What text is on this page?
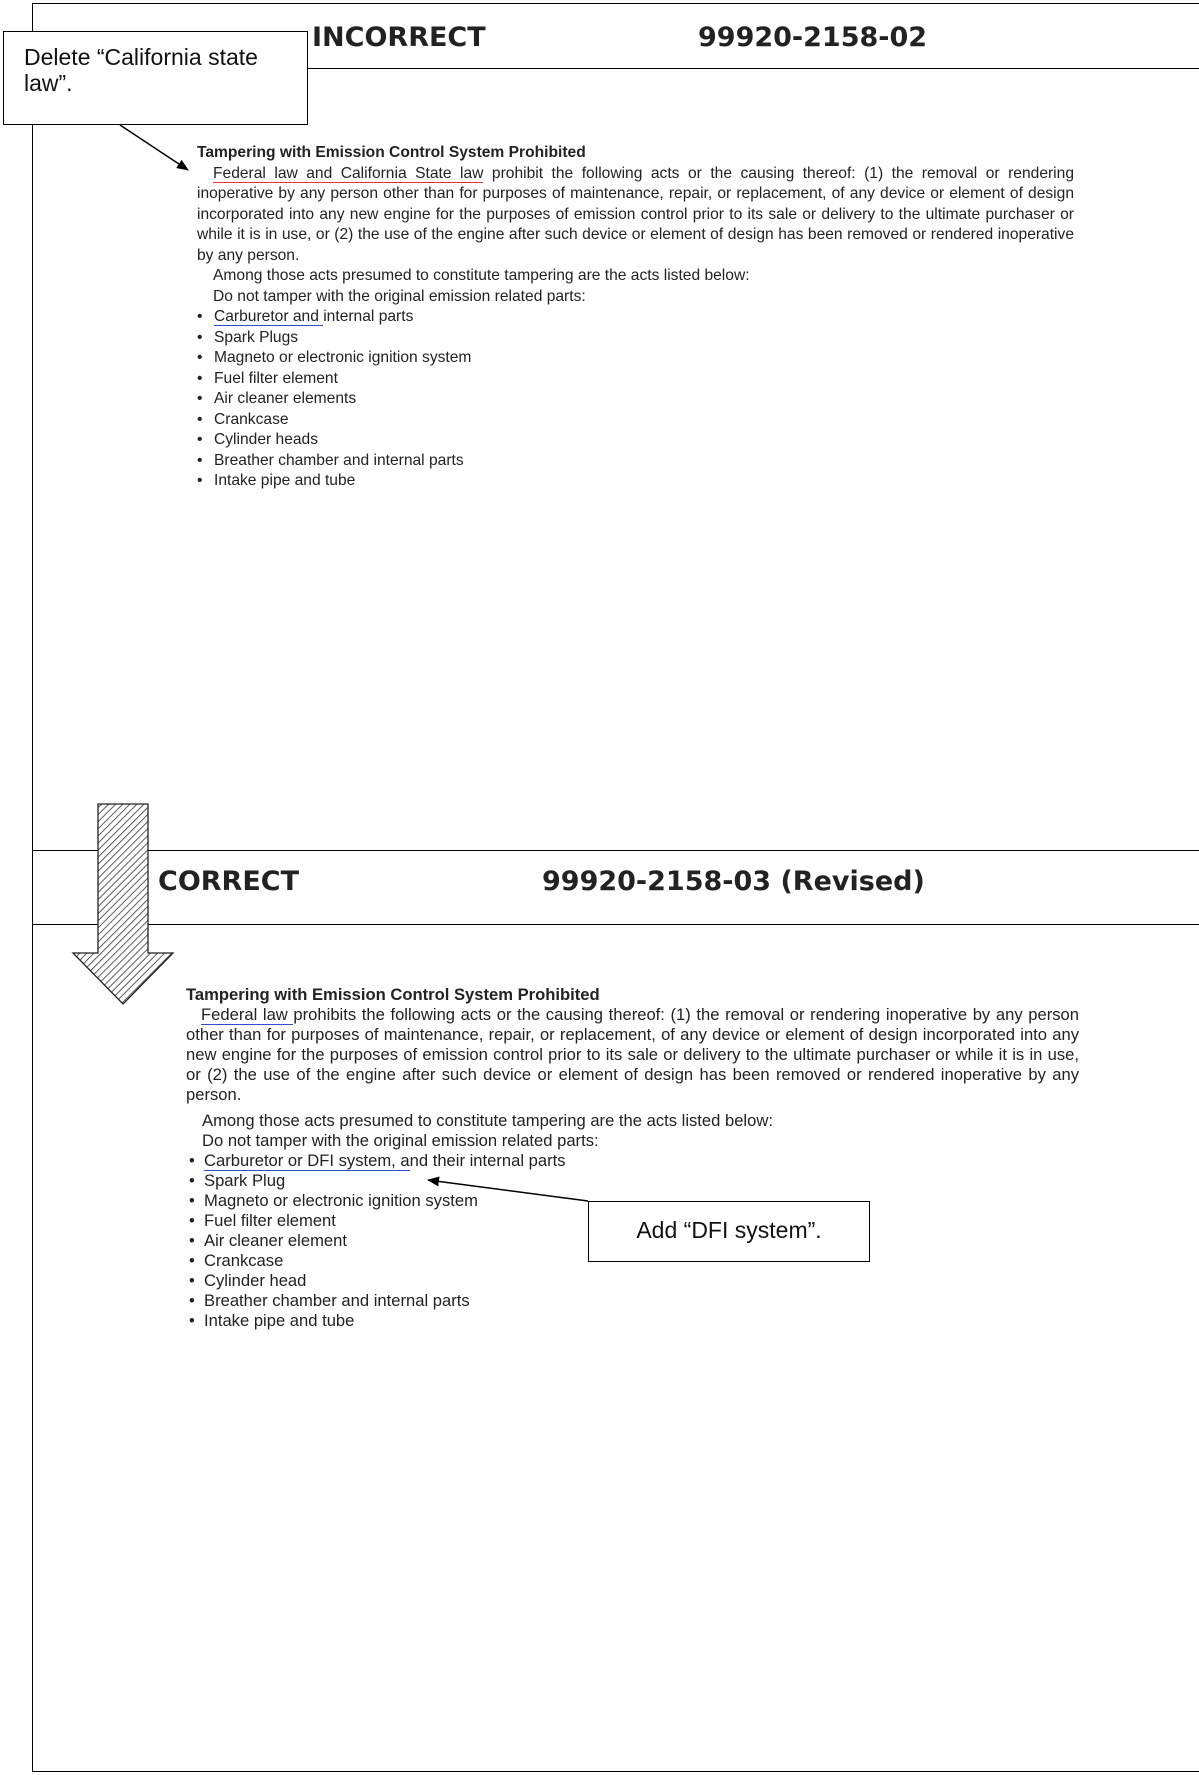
INCORRECT	99920-2158-02
Delete “California state law”.
Tampering with Emission Control System Prohibited

Federal law and California State law prohibit the following acts or the causing thereof: (1) the removal or rendering inoperative by any person other than for purposes of maintenance, repair, or replacement, of any device or element of design incorporated into any new engine for the purposes of emission control prior to its sale or delivery to the ultimate purchaser or while it is in use, or (2) the use of the engine after such device or element of design has been removed or rendered inoperative by any person.

Among those acts presumed to constitute tampering are the acts listed below:
Do not tamper with the original emission related parts:
• Carburetor and internal parts
• Spark Plugs
• Magneto or electronic ignition system
• Fuel filter element
• Air cleaner elements
• Crankcase
• Cylinder heads
• Breather chamber and internal parts
• Intake pipe and tube
CORRECT	99920-2158-03 (Revised)
Tampering with Emission Control System Prohibited

Federal law prohibits the following acts or the causing thereof: (1) the removal or rendering inoperative by any person other than for purposes of maintenance, repair, or replacement, of any device or element of design incorporated into any new engine for the purposes of emission control prior to its sale or delivery to the ultimate purchaser or while it is in use, or (2) the use of the engine after such device or element of design has been removed or rendered inoperative by any person.

Among those acts presumed to constitute tampering are the acts listed below:
Do not tamper with the original emission related parts:
• Carburetor or DFI system, and their internal parts
• Spark Plug
• Magneto or electronic ignition system
• Fuel filter element
• Air cleaner element
• Crankcase
• Cylinder head
• Breather chamber and internal parts
• Intake pipe and tube
Add “DFI system”.
